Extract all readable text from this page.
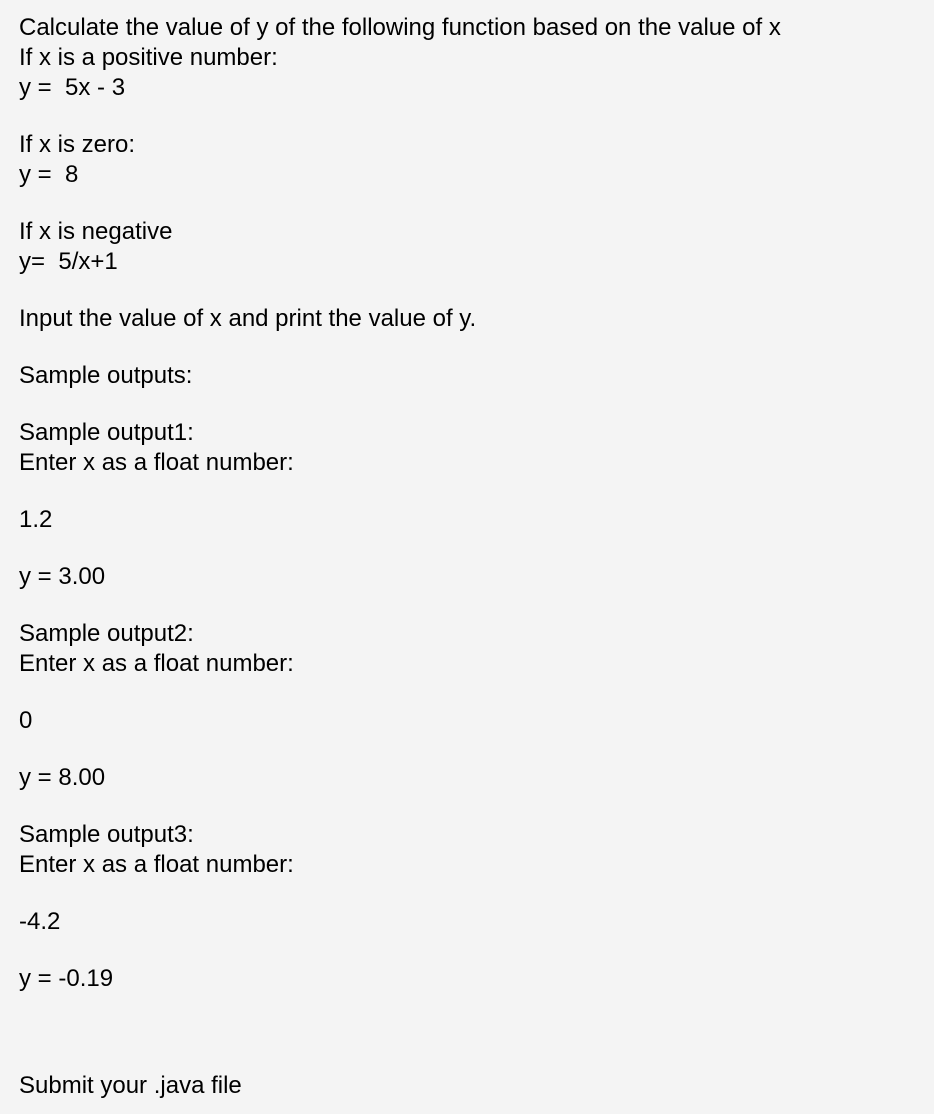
Calculate the value of y of the following function based on the value of x

If x is a positive number:

y =  5x - 3

If x is zero:

y =  8

If x is negative

y=  5/x+1

Input the value of x and print the value of y.

Sample outputs:

Sample output1:

Enter x as a float number:

1.2

y = 3.00

Sample output2:

Enter x as a float number:

0

y = 8.00

Sample output3:

Enter x as a float number:

-4.2

y = -0.19

Submit your .java file
